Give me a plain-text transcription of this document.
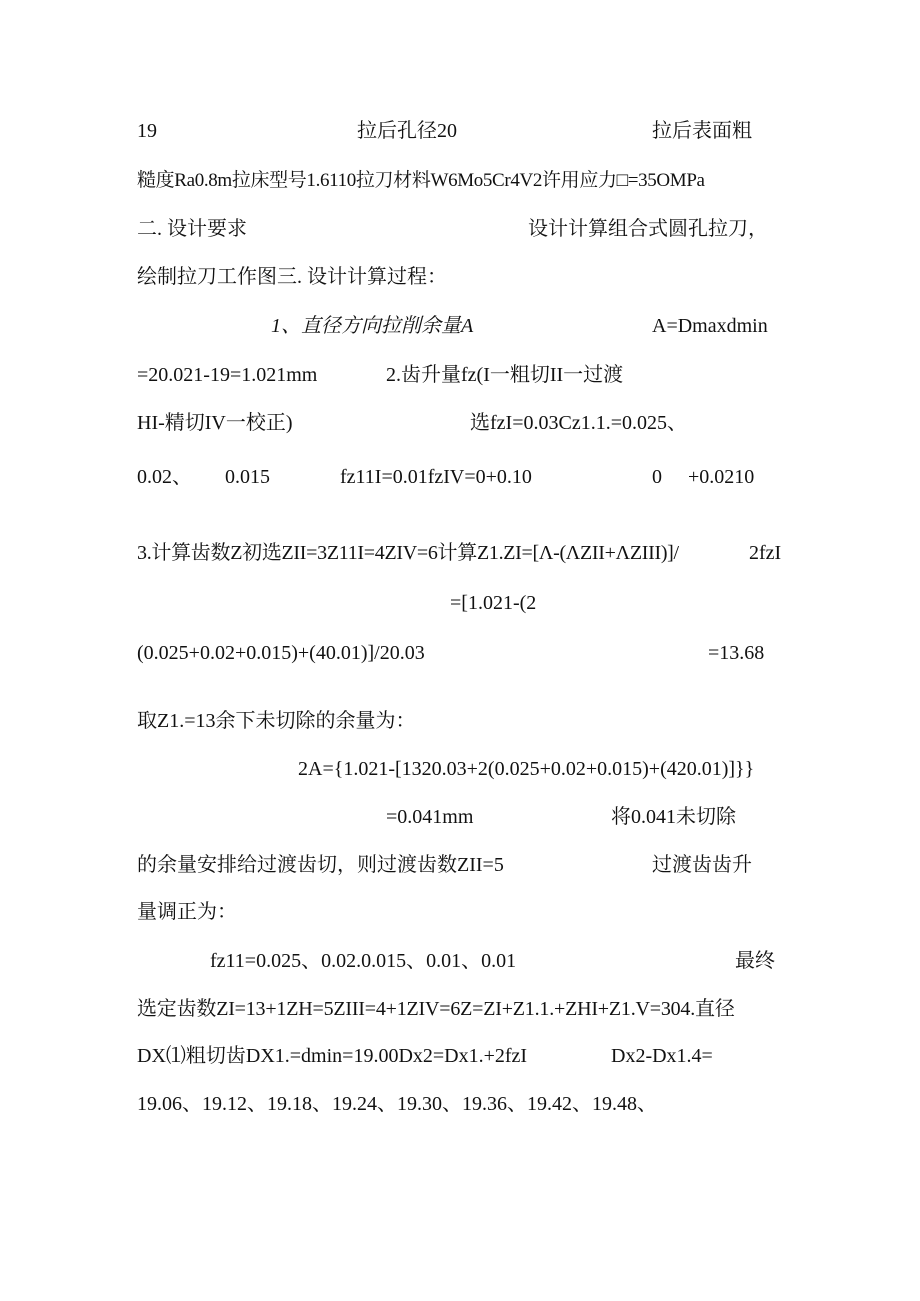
19	拉后孔径20	拉后表面粗
糙度Ra0.8m拉床型号1.6110拉刀材料W6Mo5Cr4V2许用应力□=35OMPa
二. 设计要求	设计计算组合式圆孔拉刀，
绘制拉刀工作图三. 设计计算过程：
1、直径方向拉削余量A	A=Dmaxdmin
=20.021-19=1.021mm	2.齿升量fz(I一粗切II一过渡
HI-精切IV一校正)	选fzI=0.03Cz1.1.=0.025、
0.02、 0.015	fz11I=0.01fzIV=0+0.10	0 +0.0210
3.计算齿数Z初选ZII=3Z11I=4ZIV=6计算Z1.ZI=[Λ-(ΛZII+ΛZIII)]/	2fzI
=[1.021-(2
(0.025+0.02+0.015)+(40.01)]/20.03	=13.68
取Z1.=13余下未切除的余量为：
2A={1.021-[1320.03+2(0.025+0.02+0.015)+(420.01)]}}
=0.041mm	将0.041未切除
的余量安排给过渡齿切，则过渡齿数ZII=5	过渡齿齿升
量调正为：
fz11=0.025、0.02.0.015、0.01、0.01	最终
选定齿数ZI=13+1ZH=5ZIII=4+1ZIV=6Z=ZI+Z1.1.+ZHI+Z1.V=304.直径
DX⑴粗切齿DX1.=dmin=19.00Dx2=Dx1.+2fzI	Dx2-Dx1.4=
19.06、19.12、19.18、19.24、19.30、19.36、19.42、19.48、
